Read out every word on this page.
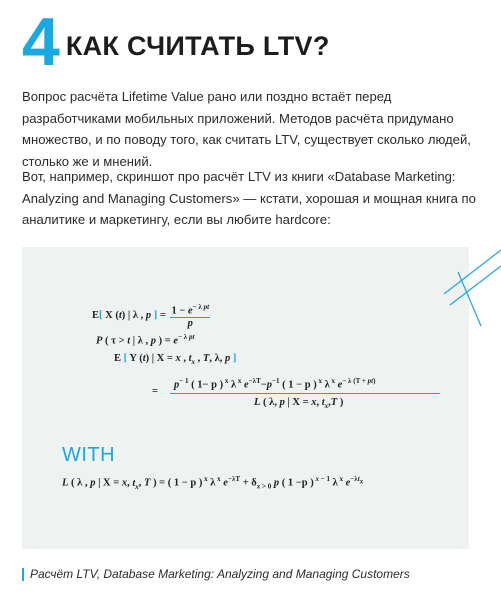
4 КАК СЧИТАТЬ LTV?
Вопрос расчёта Lifetime Value рано или поздно встаёт перед разработчиками мобильных приложений. Методов расчёта придумано множество, и по поводу того, как считать LTV, существует сколько людей, столько же и мнений.
Вот, например, скриншот про расчёт LTV из книги «Database Marketing: Analyzing and Managing Customers» — кстати, хорошая и мощная книга по аналитике и маркетингу, если вы любите hardcore:
E[ X (t) | λ , p ] = $\frac{1 - e^{- \lambda pt}}{p}$
P ( τ > t | λ , p ) = $e^{- \lambda pt}$
E [ Y (t) | X = x , $t_x$ , T, λ, p ]
$p^{- 1}$ ( 1− p ) $^x$ λ $^x$ $e^{-\lambda T}-p^{-1}$ ( 1 − p ) $^x$ λ $^x$ $e^{- \lambda (T + pt)}$
=
L ( λ, p | X = x, $t_x,T$ )
WITH
L ( λ , p | X = x, $t_x$, T ) = ( 1 − p ) $^x$ λ $^x$ $e^{-\lambda T} + \delta_{x > 0}$ p ( 1 −p ) $^{x - 1}$ λ $^x$ $e^{-\lambda t_x}$
Расчёт LTV, Database Marketing: Analyzing and Managing Customers
